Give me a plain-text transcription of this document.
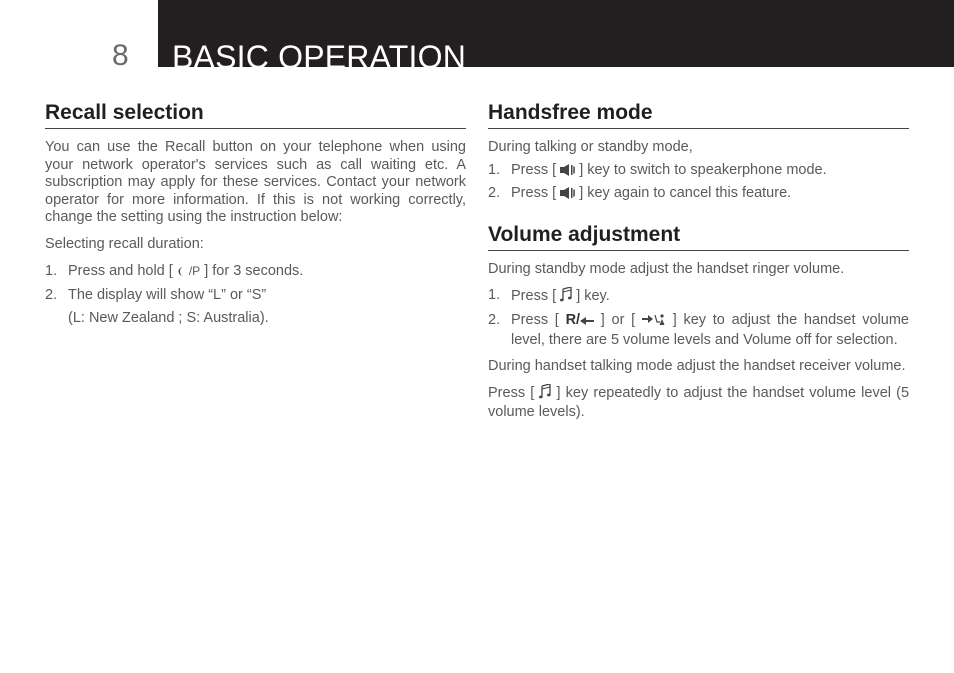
8 BASIC OPERATION
Recall selection

You can use the Recall button on your telephone when using your network operator's services such as call waiting etc. A subscription may apply for these services. Contact your network operator for more information. If this is not working correctly, change the setting using the instruction below:

Selecting recall duration:

1. Press and hold [ /P ] for 3 seconds.
2. The display will show “L” or “S”
(L: New Zealand ; S: Australia).
Handsfree mode

During talking or standby mode,

1. Press [ ] key to switch to speakerphone mode.
2. Press [ ] key again to cancel this feature.
Volume adjustment

During standby mode adjust the handset ringer volume.

1. Press [ ] key.
2. Press [ R/ ] or [	] key to adjust the handset volume level, there are 5 volume levels and Volume off for selection.

During handset talking mode adjust the handset receiver volume.

Press [ ] key repeatedly to adjust the handset volume level (5 volume levels).
